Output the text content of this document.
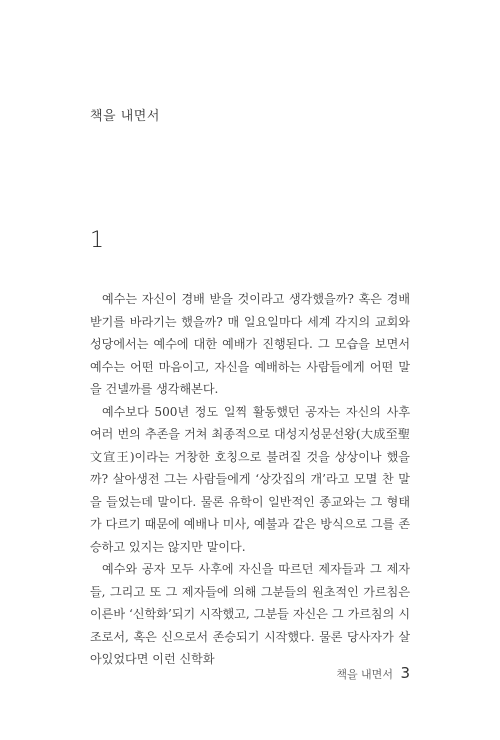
책을 내면서
1

예수는 자신이 경배 받을 것이라고 생각했을까? 혹은 경배 받기를 바라기는 했을까? 매 일요일마다 세계 각지의 교회와 성당에서는 예수에 대한 예배가 진행된다. 그 모습을 보면서 예수는 어떤 마음이고, 자신을 예배하는 사람들에게 어떤 말을 건넬까를 생각해본다.

예수보다 500년 정도 일찍 활동했던 공자는 자신의 사후 여러 번의 추존을 거쳐 최종적으로 대성지성문선왕(大成至聖文宣王)이라는 거창한 호칭으로 불려질 것을 상상이나 했을까? 살아생전 그는 사람들에게 ‘상갓집의 개’라고 모멸 찬 말을 들었는데 말이다. 물론 유학이 일반적인 종교와는 그 형태가 다르기 때문에 예배나 미사, 예불과 같은 방식으로 그를 존승하고 있지는 않지만 말이다.

예수와 공자 모두 사후에 자신을 따르던 제자들과 그 제자들, 그리고 또 그 제자들에 의해 그분들의 원초적인 가르침은 이른바 ‘신학화’되기 시작했고, 그분들 자신은 그 가르침의 시조로서, 혹은 신으로서 존승되기 시작했다. 물론 당사자가 살아있었다면 이런 신학화

책을 내면서 3
